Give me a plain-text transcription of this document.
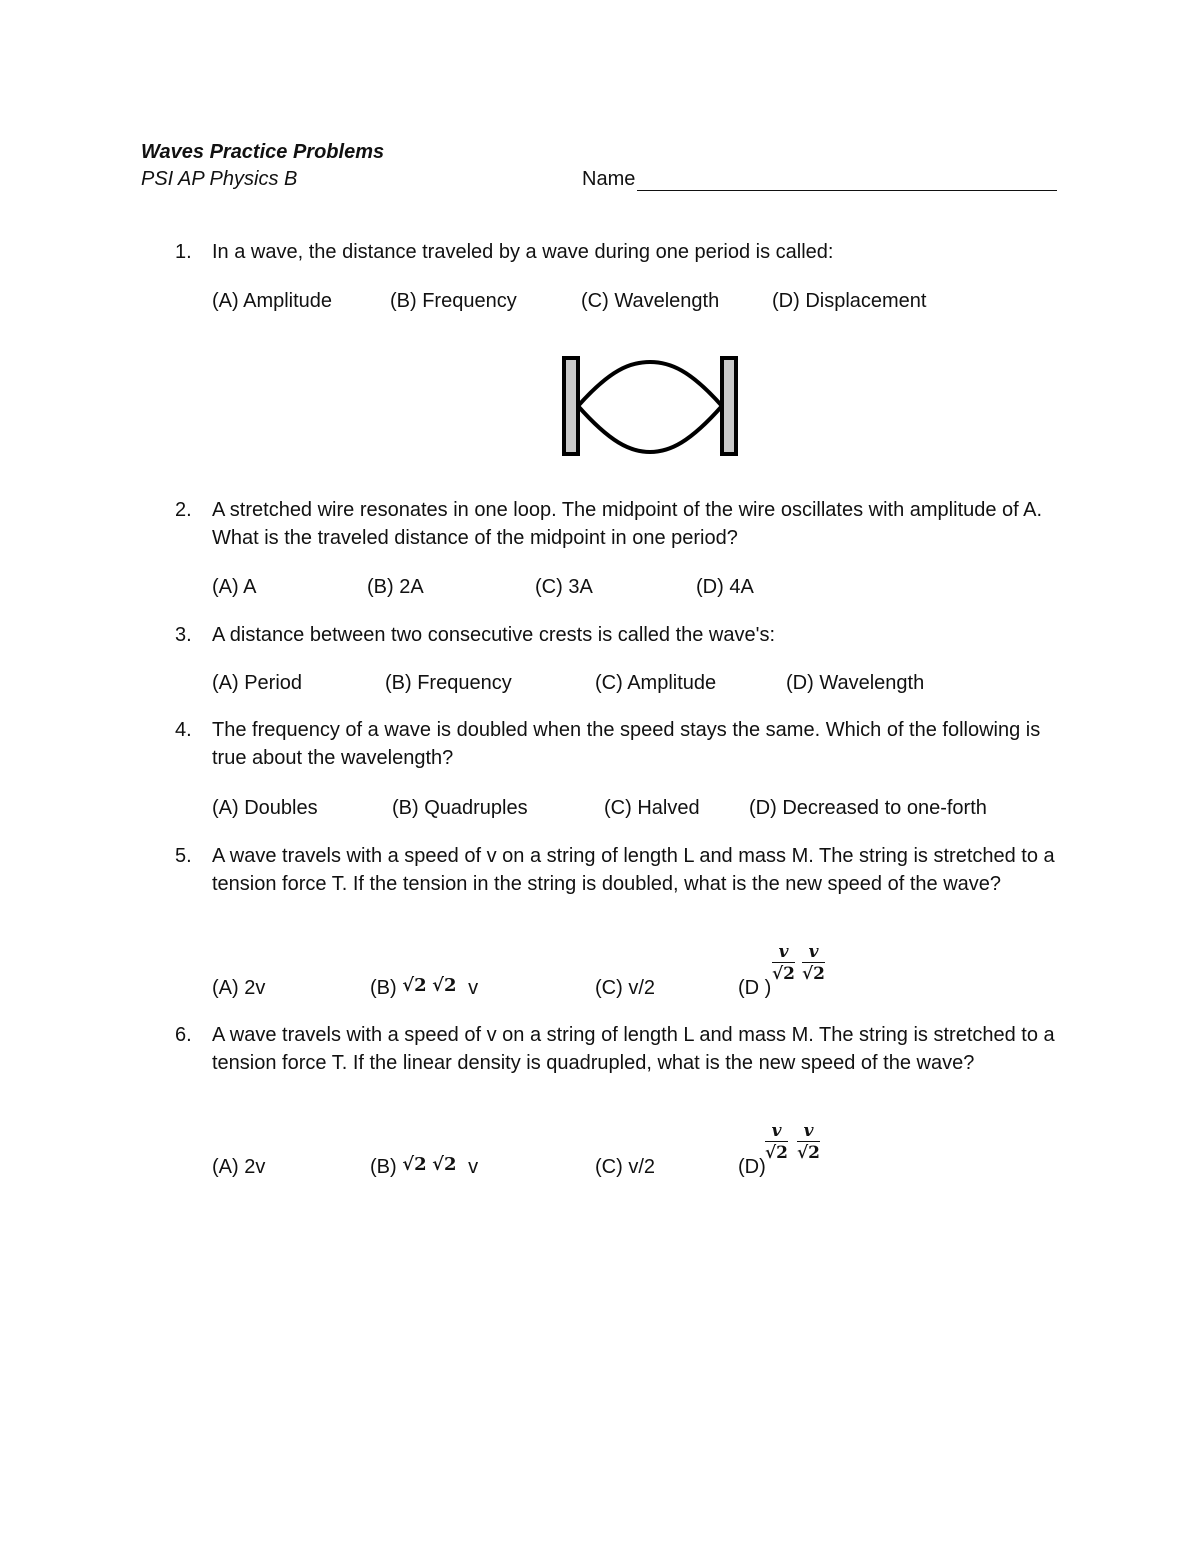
Waves Practice Problems
PSI AP Physics B	Name
1. In a wave, the distance traveled by a wave during one period is called:
(A) Amplitude	(B) Frequency	(C) Wavelength	(D) Displacement
2. A stretched wire resonates in one loop. The midpoint of the wire oscillates with amplitude of A. What is the traveled distance of the midpoint in one period?
(A) A	(B) 2A	(C) 3A	(D) 4A
3. A distance between two consecutive crests is called the wave's:
(A) Period	(B) Frequency	(C) Amplitude	(D) Wavelength
4. The frequency of a wave is doubled when the speed stays the same. Which of the following is true about the wavelength?
(A) Doubles	(B) Quadruples	(C) Halved (D) Decreased to one-forth
5. A wave travels with a speed of v on a string of length L and mass M. The string is stretched to a tension force T. If the tension in the string is doubled, what is the new speed of the wave?
(A) 2v	(B) √2 √2 v	(C) v/2	(D )
$\frac{v}{√2} \frac{v}{√2}$
6. A wave travels with a speed of v on a string of length L and mass M. The string is stretched to a tension force T. If the linear density is quadrupled, what is the new speed of the wave?
(A) 2v	(B) √2 √2 v	(C) v/2	(D)
$\frac{v}{√2} \frac{v}{√2}$
